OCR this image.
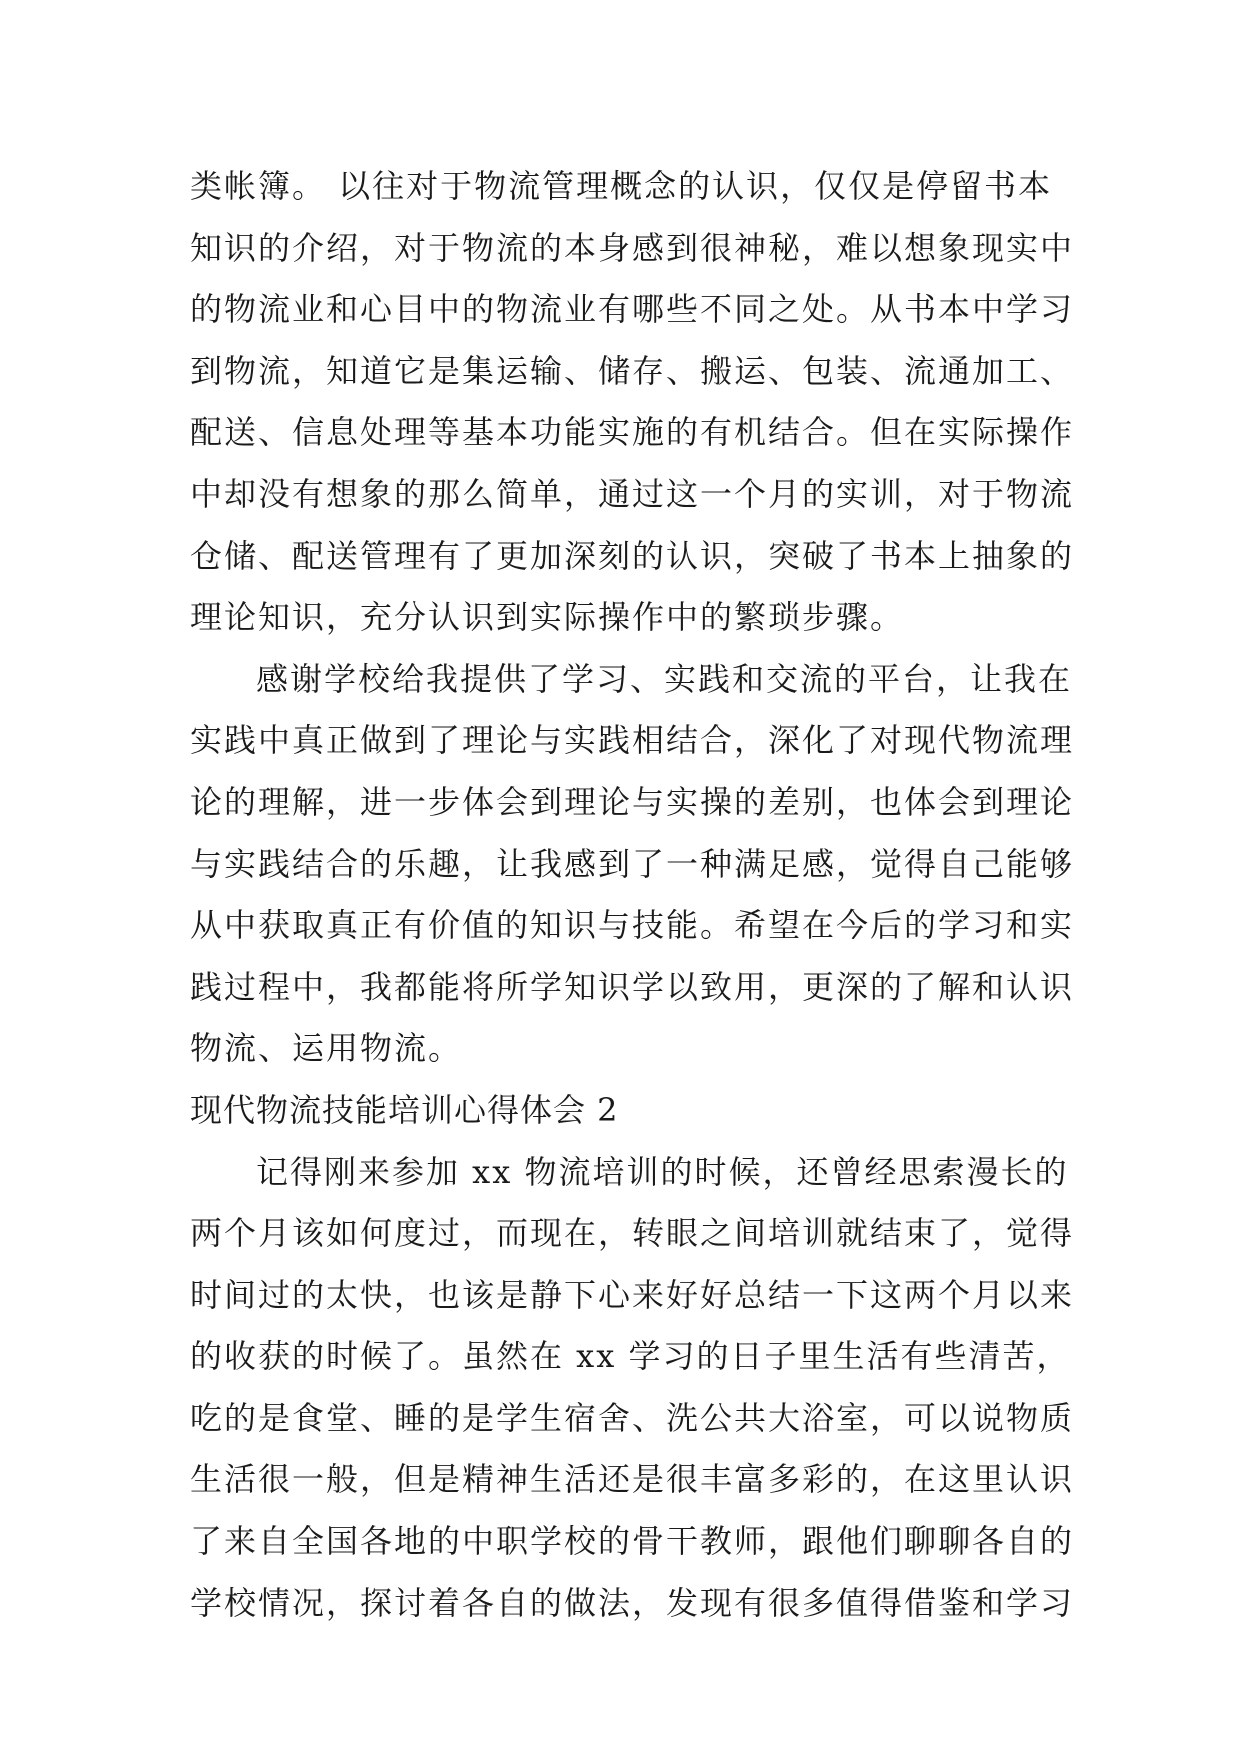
类帐簿。 以往对于物流管理概念的认识，仅仅是停留书本
知识的介绍，对于物流的本身感到很神秘，难以想象现实中
的物流业和心目中的物流业有哪些不同之处。从书本中学习
到物流，知道它是集运输、储存、搬运、包装、流通加工、
配送、信息处理等基本功能实施的有机结合。但在实际操作
中却没有想象的那么简单，通过这一个月的实训，对于物流
仓储、配送管理有了更加深刻的认识，突破了书本上抽象的
理论知识，充分认识到实际操作中的繁琐步骤。
感谢学校给我提供了学习、实践和交流的平台，让我在
实践中真正做到了理论与实践相结合，深化了对现代物流理
论的理解，进一步体会到理论与实操的差别，也体会到理论
与实践结合的乐趣，让我感到了一种满足感，觉得自己能够
从中获取真正有价值的知识与技能。希望在今后的学习和实
践过程中，我都能将所学知识学以致用，更深的了解和认识
物流、运用物流。
现代物流技能培训心得体会 2
记得刚来参加 xx 物流培训的时候，还曾经思索漫长的
两个月该如何度过，而现在，转眼之间培训就结束了，觉得
时间过的太快，也该是静下心来好好总结一下这两个月以来
的收获的时候了。虽然在 xx 学习的日子里生活有些清苦，
吃的是食堂、睡的是学生宿舍、洗公共大浴室，可以说物质
生活很一般，但是精神生活还是很丰富多彩的，在这里认识
了来自全国各地的中职学校的骨干教师，跟他们聊聊各自的
学校情况，探讨着各自的做法，发现有很多值得借鉴和学习
